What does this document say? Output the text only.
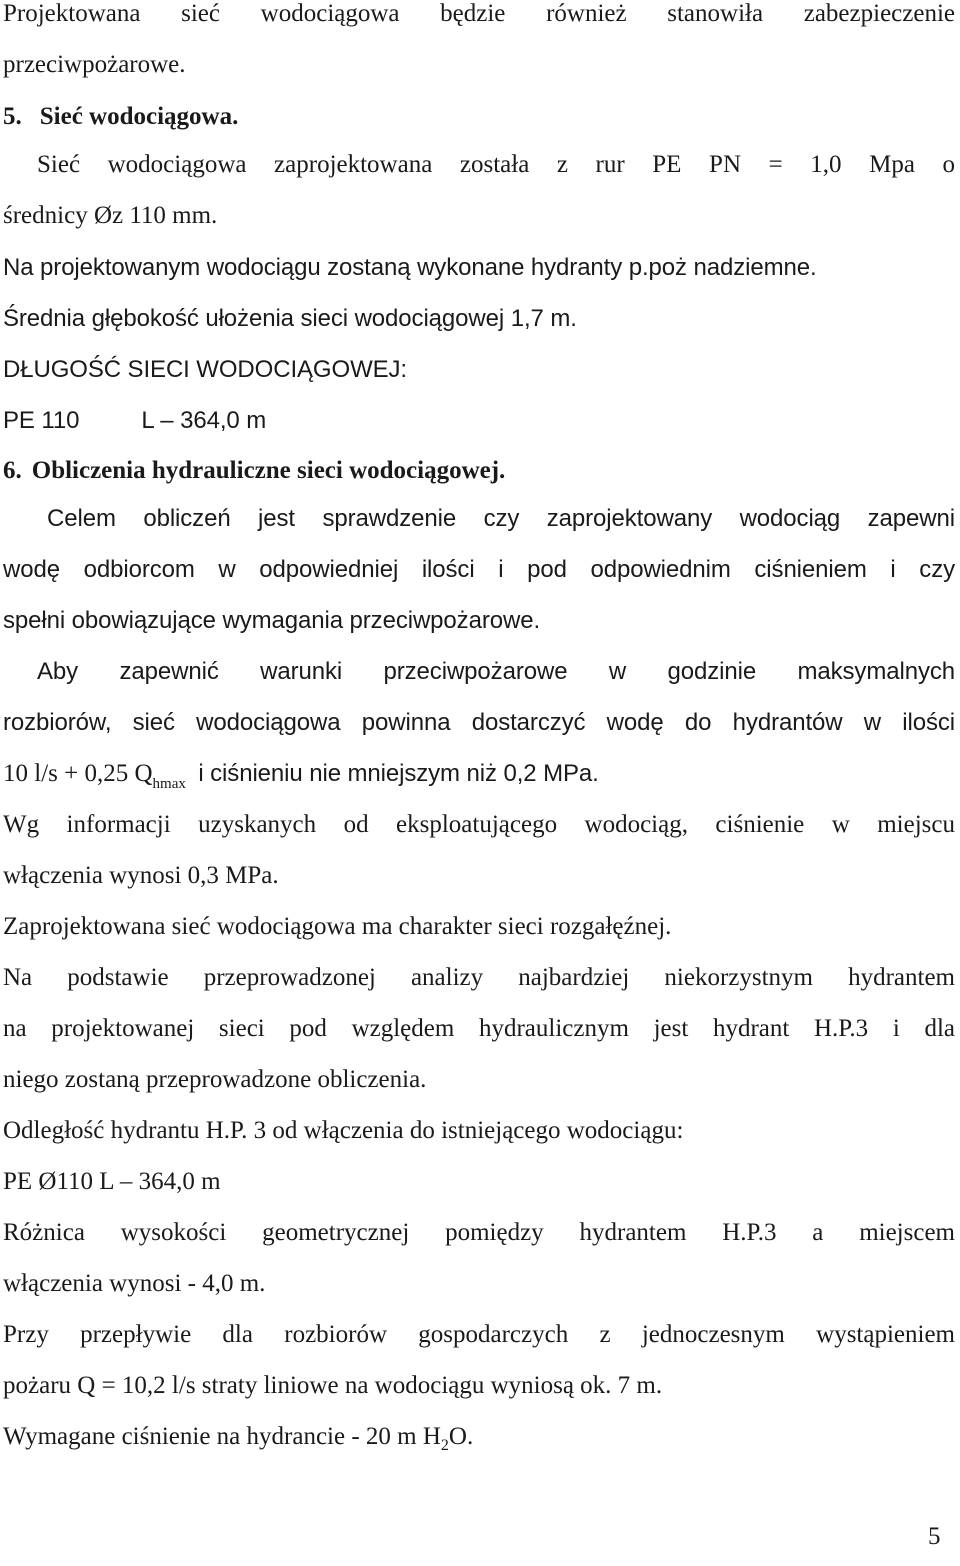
Projektowana sieć wodociągowa będzie również stanowiła zabezpieczenie

przeciwpożarowe.

5. Sieć wodociągowa.

Sieć wodociągowa zaprojektowana została z rur PE PN = 1,0 Mpa o

średnicy Øz 110 mm.

Na projektowanym wodociągu zostaną wykonane hydranty p.poż nadziemne.

Średnia głębokość ułożenia sieci wodociągowej 1,7 m.

DŁUGOŚĆ SIECI WODOCIĄGOWEJ:

PE 110	L – 364,0 m

6. Obliczenia hydrauliczne sieci wodociągowej.

Celem obliczeń jest sprawdzenie czy zaprojektowany wodociąg zapewni

wodę odbiorcom w odpowiedniej ilości i pod odpowiednim ciśnieniem i czy

spełni obowiązujące wymagania przeciwpożarowe.

Aby zapewnić warunki przeciwpożarowe w godzinie maksymalnych

rozbiorów, sieć wodociągowa powinna dostarczyć wodę do hydrantów w ilości

10 l/s + 0,25 $Q_{hmax}$ i ciśnieniu nie mniejszym niż 0,2 MPa.

Wg informacji uzyskanych od eksploatującego wodociąg, ciśnienie w miejscu

włączenia wynosi 0,3 MPa.

Zaprojektowana sieć wodociągowa ma charakter sieci rozgałęźnej.

Na podstawie przeprowadzonej analizy najbardziej niekorzystnym hydrantem

na projektowanej sieci pod względem hydraulicznym jest hydrant H.P.3 i dla

niego zostaną przeprowadzone obliczenia.

Odległość hydrantu H.P. 3 od włączenia do istniejącego wodociągu:

PE Ø110 L – 364,0 m

Różnica wysokości geometrycznej pomiędzy hydrantem H.P.3 a miejscem

włączenia wynosi - 4,0 m.

Przy przepływie dla rozbiorów gospodarczych z jednoczesnym wystąpieniem

pożaru Q = 10,2 l/s straty liniowe na wodociągu wyniosą ok. 7 m.

Wymagane ciśnienie na hydrancie - 20 m $H_2O$.

5
